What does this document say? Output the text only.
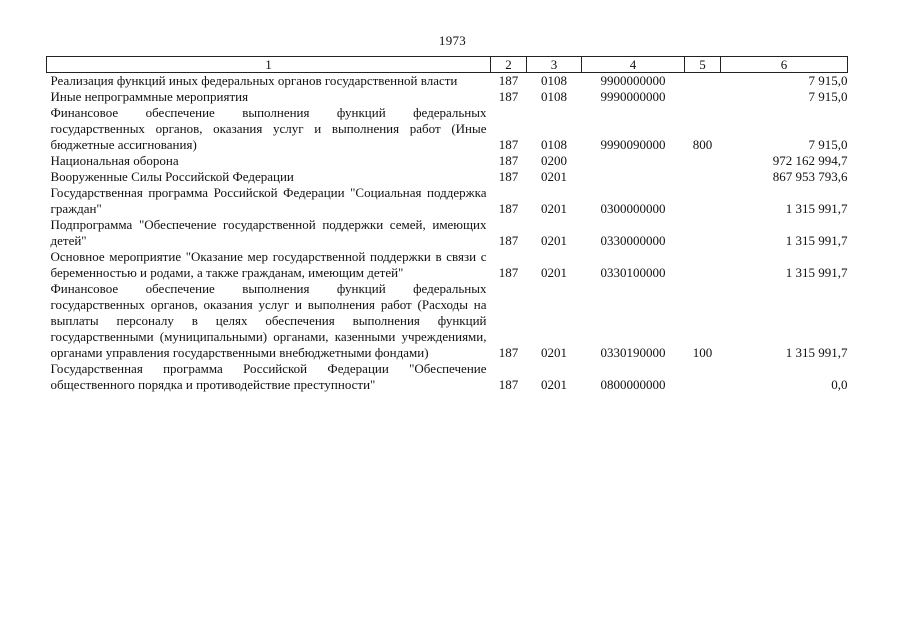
1973
1	2	3	4	5	6

Реализация функций иных федеральных органов государственной власти	187	0108	9900000000		7 915,0

Иные непрограммные мероприятия	187	0108	9990000000		7 915,0

Финансовое обеспечение выполнения функций федеральных государственных органов, оказания услуг и выполнения работ (Иные бюджетные ассигнования)	187	0108	9990090000	800	7 915,0

Национальная оборона	187	0200			972 162 994,7

Вооруженные Силы Российской Федерации	187	0201			867 953 793,6

Государственная программа Российской Федерации "Социальная поддержка граждан"	187	0201	0300000000		1 315 991,7

Подпрограмма "Обеспечение государственной поддержки семей, имеющих детей"	187	0201	0330000000		1 315 991,7

Основное мероприятие "Оказание мер государственной поддержки в связи с беременностью и родами, а также гражданам, имеющим детей"	187	0201	0330100000		1 315 991,7

Финансовое обеспечение выполнения функций федеральных государственных органов, оказания услуг и выполнения работ (Расходы на выплаты персоналу в целях обеспечения выполнения функций государственными (муниципальными) органами, казенными учреждениями, органами управления государственными внебюджетными фондами)	187	0201	0330190000	100	1 315 991,7

Государственная программа Российской Федерации "Обеспечение общественного порядка и противодействие преступности"	187	0201	0800000000		0,0
